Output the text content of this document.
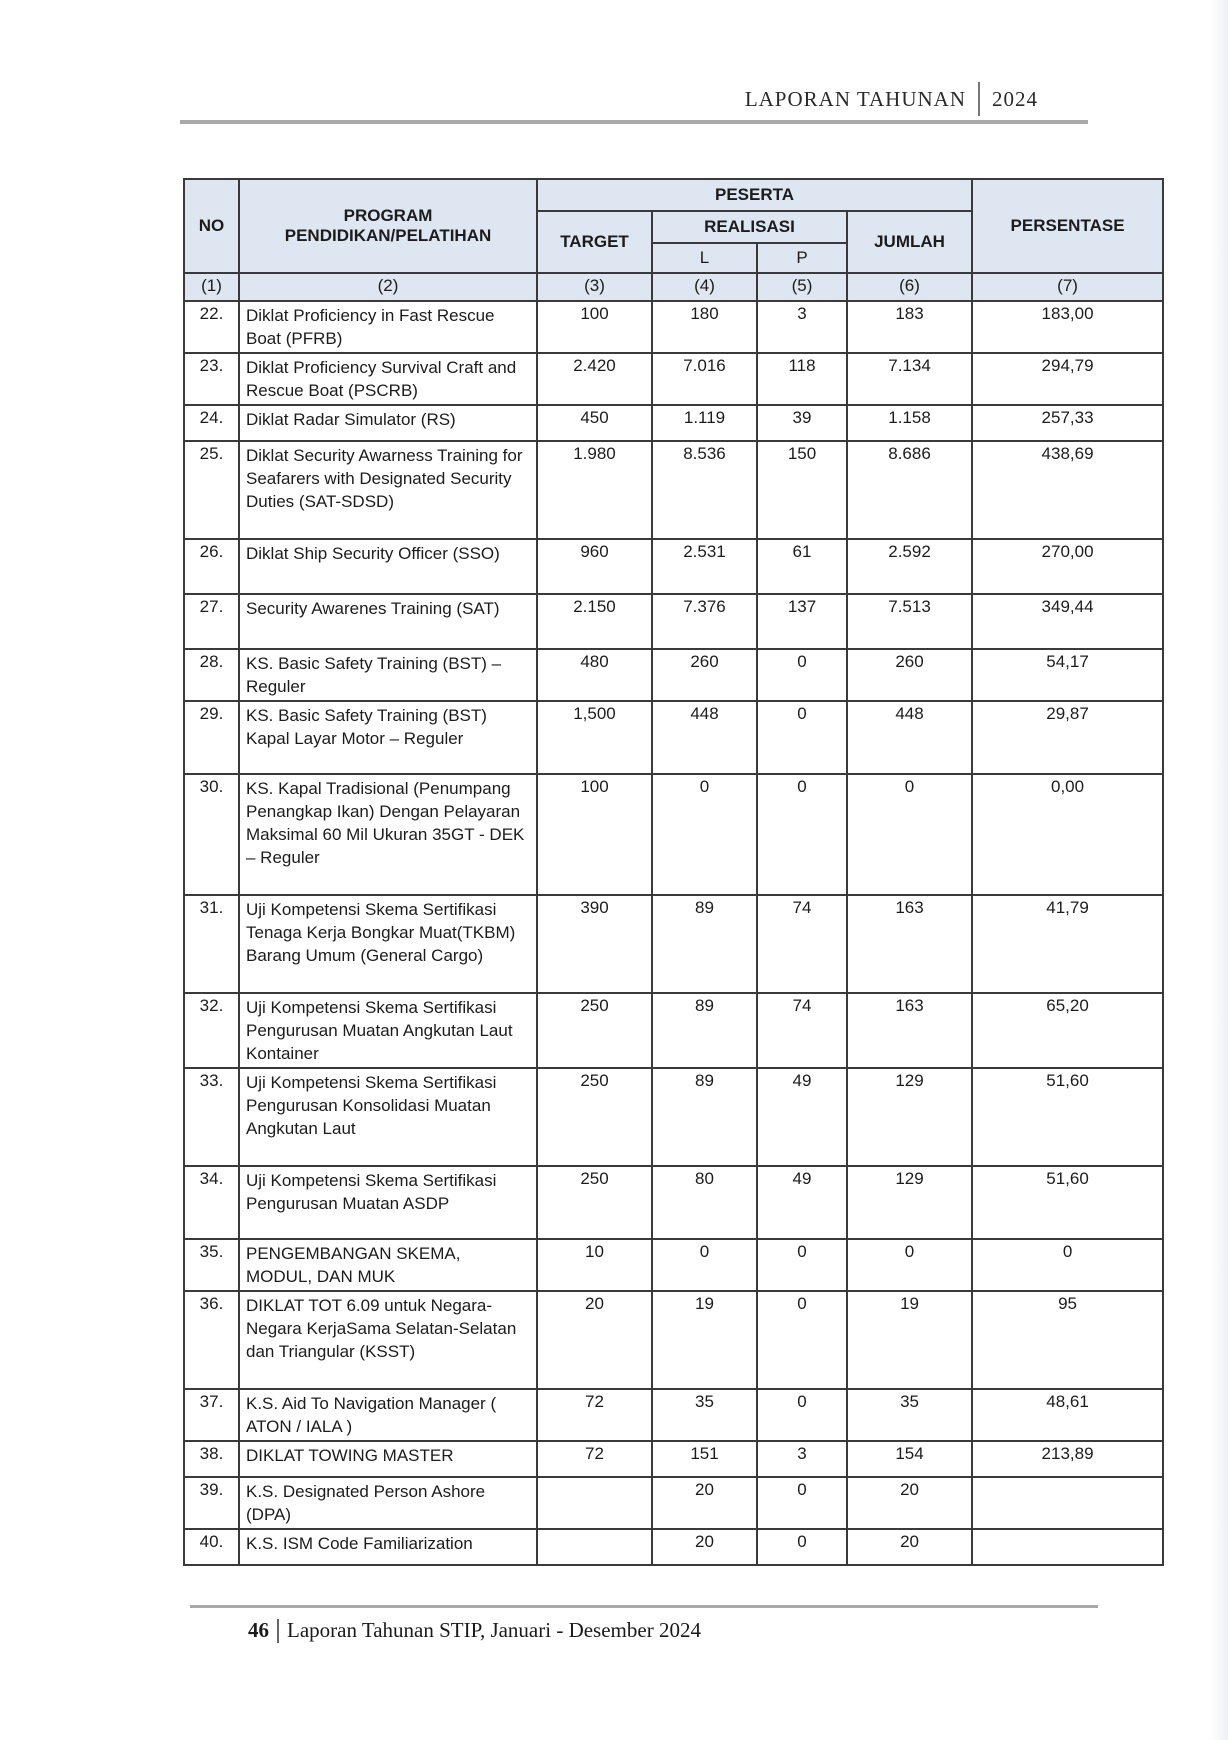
LAPORAN TAHUNAN 2024
NO	PROGRAM PENDIDIKAN/PELATIHAN	PESERTA				PERSENTASE
		TARGET	REALISASI		JUMLAH	
			L	P		
(1)	(2)	(3)	(4)	(5)	(6)	(7)
22.	Diklat Proficiency in Fast Rescue Boat (PFRB)	100	180	3	183	183,00
23.	Diklat Proficiency Survival Craft and Rescue Boat (PSCRB)	2.420	7.016	118	7.134	294,79
24.	Diklat Radar Simulator (RS)	450	1.119	39	1.158	257,33
25.	Diklat Security Awarness Training for Seafarers with Designated Security Duties (SAT-SDSD)	1.980	8.536	150	8.686	438,69
26.	Diklat Ship Security Officer (SSO)	960	2.531	61	2.592	270,00
27.	Security Awarenes Training (SAT)	2.150	7.376	137	7.513	349,44
28.	KS. Basic Safety Training (BST) – Reguler	480	260	0	260	54,17
29.	KS. Basic Safety Training (BST) Kapal Layar Motor – Reguler	1,500	448	0	448	29,87
30.	KS. Kapal Tradisional (Penumpang Penangkap Ikan) Dengan Pelayaran Maksimal 60 Mil Ukuran 35GT - DEK – Reguler	100	0	0	0	0,00
31.	Uji Kompetensi Skema Sertifikasi Tenaga Kerja Bongkar Muat(TKBM) Barang Umum (General Cargo)	390	89	74	163	41,79
32.	Uji Kompetensi Skema Sertifikasi Pengurusan Muatan Angkutan Laut Kontainer	250	89	74	163	65,20
33.	Uji Kompetensi Skema Sertifikasi Pengurusan Konsolidasi Muatan Angkutan Laut	250	89	49	129	51,60
34.	Uji Kompetensi Skema Sertifikasi Pengurusan Muatan ASDP	250	80	49	129	51,60
35.	PENGEMBANGAN SKEMA, MODUL, DAN MUK	10	0	0	0	0
36.	DIKLAT TOT 6.09 untuk Negara-Negara KerjaSama Selatan-Selatan dan Triangular (KSST)	20	19	0	19	95
37.	K.S. Aid To Navigation Manager ( ATON / IALA )	72	35	0	35	48,61
38.	DIKLAT TOWING MASTER	72	151	3	154	213,89
39.	K.S. Designated Person Ashore (DPA)		20	0	20	
40.	K.S. ISM Code Familiarization		20	0	20	
46 Laporan Tahunan STIP, Januari - Desember 2024
